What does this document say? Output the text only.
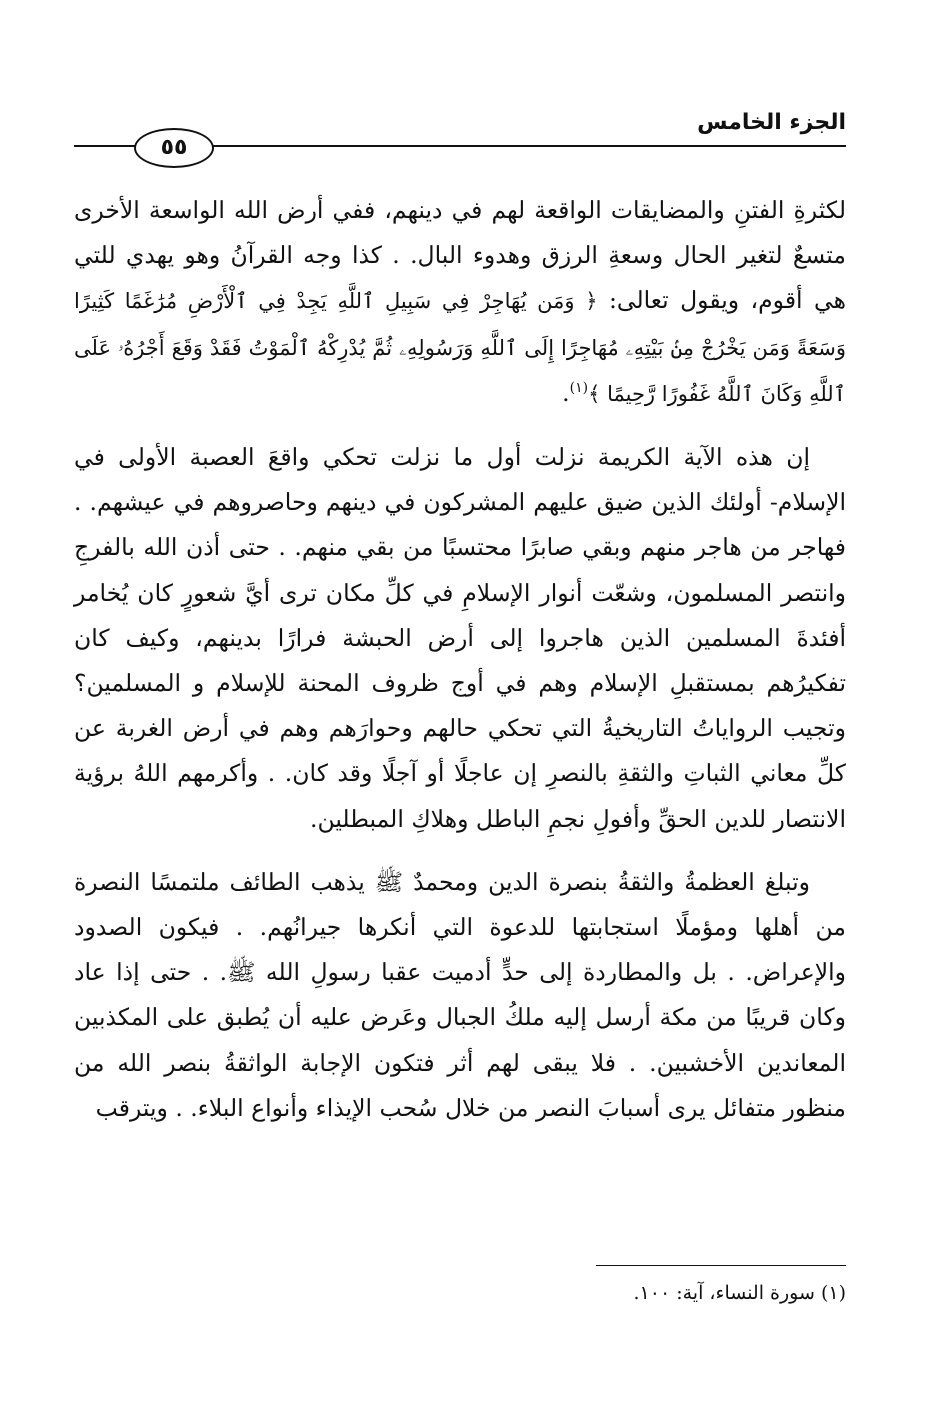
٥٥
الجزء الخامس

لكثرةِ الفتنِ والمضايقات الواقعة لهم في دينهم، ففي أرض الله الواسعة الأخرى متسعٌ لتغير الحال وسعةِ الرزق وهدوء البال. . كذا وجه القرآنُ وهو يهدي للتي هي أقوم، ويقول تعالى: ﴿ وَمَن يُهَاجِرْ فِي سَبِيلِ ٱللَّهِ يَجِدْ فِي ٱلْأَرْضِ مُرَٰغَمًا كَثِيرًا وَسَعَةً وَمَن يَخْرُجْ مِنۢ بَيْتِهِۦ مُهَاجِرًا إِلَى ٱللَّهِ وَرَسُولِهِۦ ثُمَّ يُدْرِكْهُ ٱلْمَوْتُ فَقَدْ وَقَعَ أَجْرُهُۥ عَلَى ٱللَّهِ وَكَانَ ٱللَّهُ غَفُورًا رَّحِيمًا ﴾$^{(١)}$.

إن هذه الآية الكريمة نزلت أول ما نزلت تحكي واقعَ العصبة الأولى في الإسلام- أولئك الذين ضيق عليهم المشركون في دينهم وحاصروهم في عيشهم. . فهاجر من هاجر منهم وبقي صابرًا محتسبًا من بقي منهم. . حتى أذن الله بالفرجِ وانتصر المسلمون، وشعّت أنوار الإسلامِ في كلِّ مكان ترى أيَّ شعورٍ كان يُخامر أفئدةَ المسلمين الذين هاجروا إلى أرض الحبشة فرارًا بدينهم، وكيف كان تفكيرُهم بمستقبلِ الإسلام وهم في أوج ظروف المحنة للإسلام و المسلمين؟ وتجيب الرواياتُ التاريخيةُ التي تحكي حالهم وحوارَهم وهم في أرض الغربة عن كلِّ معاني الثباتِ والثقةِ بالنصرِ إن عاجلًا أو آجلًا وقد كان. . وأكرمهم اللهُ برؤية الانتصار للدين الحقِّ وأفولِ نجمِ الباطل وهلاكِ المبطلين.

وتبلغ العظمةُ والثقةُ بنصرة الدين ومحمدٌ ﷺ يذهب الطائف ملتمسًا النصرة من أهلها ومؤملًا استجابتها للدعوة التي أنكرها جيرانُهم. . فيكون الصدود والإعراض. . بل والمطاردة إلى حدٍّ أدميت عقبا رسولِ الله ﷺ. . حتى إذا عاد وكان قريبًا من مكة أرسل إليه ملكُ الجبال وعَرض عليه أن يُطبق على المكذبين المعاندين الأخشبين. . فلا يبقى لهم أثر فتكون الإجابة الواثقةُ بنصر الله من منظور متفائل يرى أسبابَ النصر من خلال سُحب الإيذاء وأنواع البلاء. . ويترقب

(١) سورة النساء، آية: ١٠٠.
